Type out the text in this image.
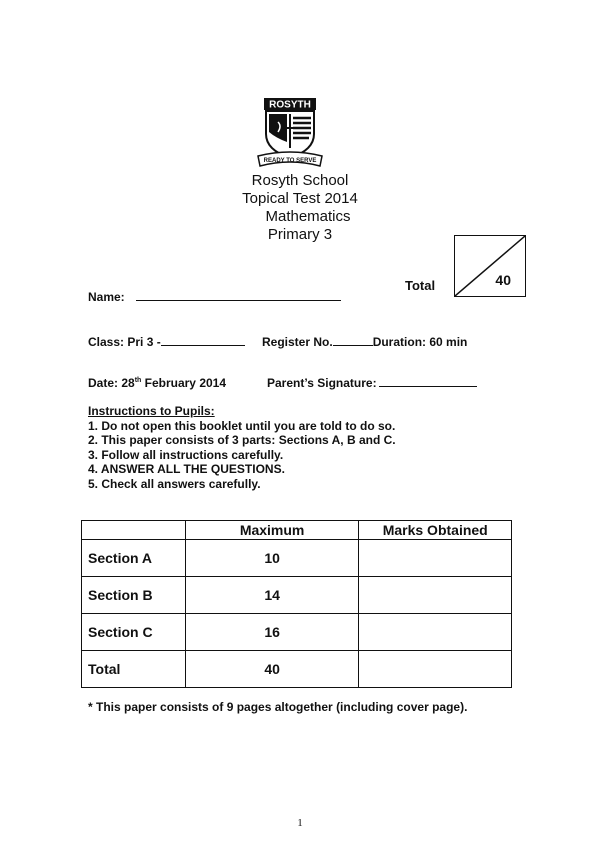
ROSYTH
READY TO SERVE
Rosyth School
Topical Test 2014
Mathematics
Primary 3
Total	40
Name:
Class: Pri 3 -	Register No.	Duration: 60 min
Date: 28th February 2014	Parent’s Signature:
Instructions to Pupils:
1. Do not open this booklet until you are told to do so.
2. This paper consists of 3 parts: Sections A, B and C.
3. Follow all instructions carefully.
4. ANSWER ALL THE QUESTIONS.
5. Check all answers carefully.
	Maximum	Marks Obtained
Section A	10	
Section B	14	
Section C	16	
Total	40	
* This paper consists of 9 pages altogether (including cover page).
1
